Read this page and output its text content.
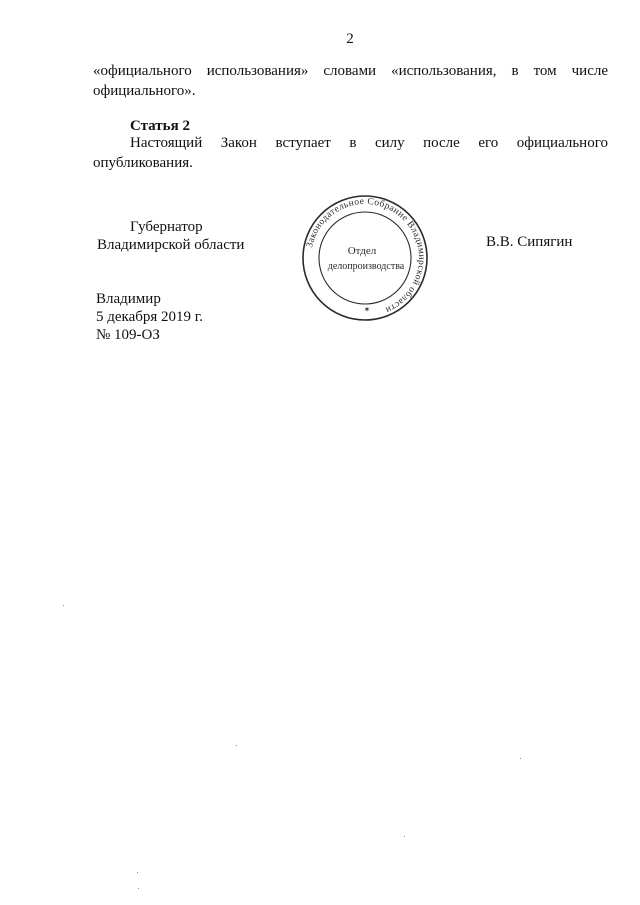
2
«официального использования» словами «использования, в том числе
официального».
Статья 2
Настоящий Закон вступает в силу после его официального
опубликования.
Губернатор
Владимирской области	В.В. Сипягин
Законодательное Собрание Владимирской области
Отдел
делопроизводства
✶
Владимир
5 декабря 2019 г.
№ 109-ОЗ
